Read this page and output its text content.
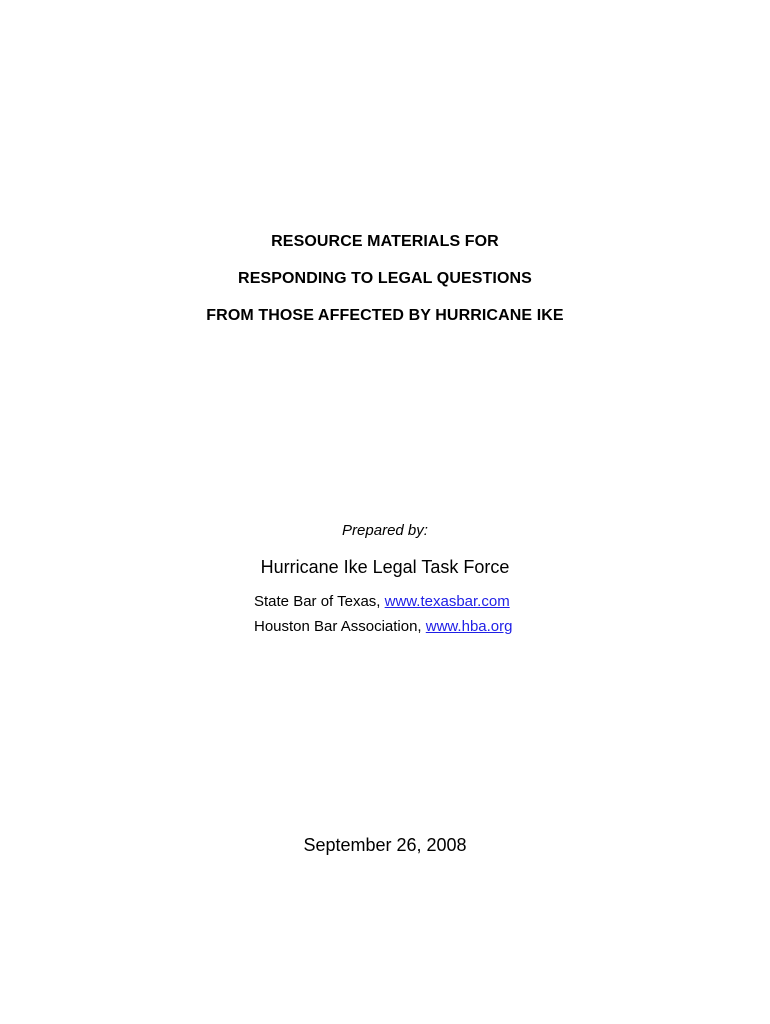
RESOURCE MATERIALS FOR
RESPONDING TO LEGAL QUESTIONS
FROM THOSE AFFECTED BY HURRICANE IKE
Prepared by:
Hurricane Ike Legal Task Force
State Bar of Texas, www.texasbar.com
Houston Bar Association, www.hba.org
September 26, 2008
